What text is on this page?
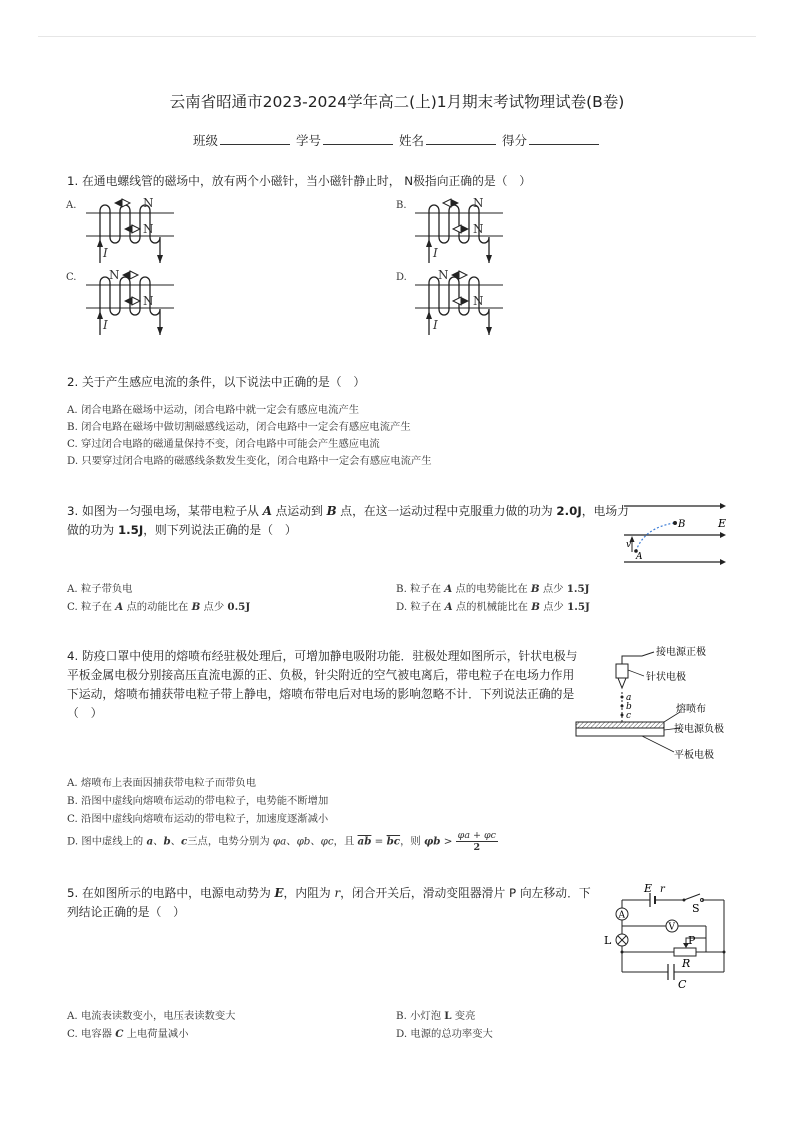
云南省昭通市2023-2024学年高二(上)1月期末考试物理试卷(B卷)
班级	学号	姓名	得分
1. 在通电螺线管的磁场中，放有两个小磁针，当小磁针静止时， N极指向正确的是（　）
A.	B.
C.	D.
N
N
I
N
N
I
N
N
I
N
N
I
2. 关于产生感应电流的条件，以下说法中正确的是（　）
A. 闭合电路在磁场中运动，闭合电路中就一定会有感应电流产生
B. 闭合电路在磁场中做切割磁感线运动，闭合电路中一定会有感应电流产生
C. 穿过闭合电路的磁通量保持不变，闭合电路中可能会产生感应电流
D. 只要穿过闭合电路的磁感线条数发生变化，闭合电路中一定会有感应电流产生
3. 如图为一匀强电场，某带电粒子从 A 点运动到 B 点，在这一运动过程中克服重力做的功为 2.0J，电场力
做的功为 1.5J，则下列说法正确的是（　）	B	E
v
A
A. 粒子带负电	B. 粒子在 A 点的电势能比在 B 点少 1.5J
C. 粒子在 A 点的动能比在 B 点少 0.5J	D. 粒子在 A 点的机械能比在 B 点少 1.5J
4. 防疫口罩中使用的熔喷布经驻极处理后，可增加静电吸附功能．驻极处理如图所示，针状电极与
平板金属电极分别接高压直流电源的正、负极，针尖附近的空气被电离后，带电粒子在电场力作用
下运动，熔喷布捕获带电粒子带上静电，熔喷布带电后对电场的影响忽略不计．下列说法正确的是
（　）
接电源正极
针状电极
a
b
c
熔喷布
接电源负极
平板电极
A. 熔喷布上表面因捕获带电粒子而带负电
B. 沿图中虚线向熔喷布运动的带电粒子，电势能不断增加
C. 沿图中虚线向熔喷布运动的带电粒子，加速度逐渐减小
D. 图中虚线上的 a、b、c三点，电势分别为 φa、φb、φc，且 $\overline{ab} = \overline{bc}$，则 $\varphi b > \frac{\varphi a + \varphi c}{2}$
5. 在如图所示的电路中，电源电动势为 E，内阻为 r，闭合开关后，滑动变阻器滑片 P 向左移动．下
列结论正确的是（　）
E r
S
A
V
L	P
R
C
A. 电流表读数变小，电压表读数变大	B. 小灯泡 L 变亮
C. 电容器 C 上电荷量减小	D. 电源的总功率变大
